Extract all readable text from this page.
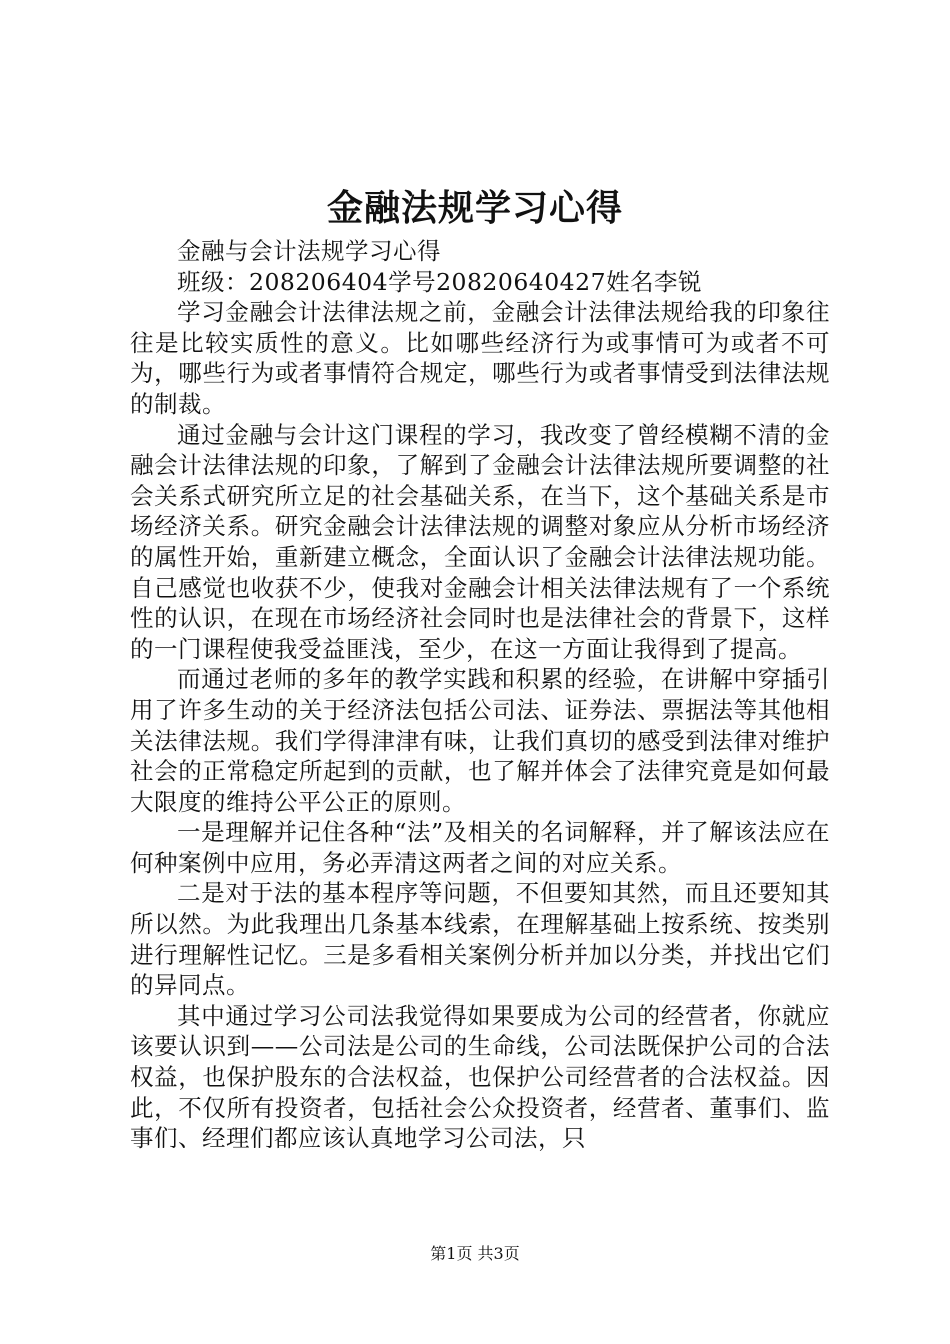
金融法规学习心得

金融与会计法规学习心得

班级：208206404学号20820640427姓名李锐

学习金融会计法律法规之前，金融会计法律法规给我的印象往往是比较实质性的意义。比如哪些经济行为或事情可为或者不可为，哪些行为或者事情符合规定，哪些行为或者事情受到法律法规的制裁。

通过金融与会计这门课程的学习，我改变了曾经模糊不清的金融会计法律法规的印象，了解到了金融会计法律法规所要调整的社会关系式研究所立足的社会基础关系，在当下，这个基础关系是市场经济关系。研究金融会计法律法规的调整对象应从分析市场经济的属性开始，重新建立概念，全面认识了金融会计法律法规功能。自己感觉也收获不少，使我对金融会计相关法律法规有了一个系统性的认识，在现在市场经济社会同时也是法律社会的背景下，这样的一门课程使我受益匪浅，至少，在这一方面让我得到了提高。

而通过老师的多年的教学实践和积累的经验，在讲解中穿插引用了许多生动的关于经济法包括公司法、证券法、票据法等其他相关法律法规。我们学得津津有味，让我们真切的感受到法律对维护社会的正常稳定所起到的贡献，也了解并体会了法律究竟是如何最大限度的维持公平公正的原则。

一是理解并记住各种“法”及相关的名词解释，并了解该法应在何种案例中应用，务必弄清这两者之间的对应关系。

二是对于法的基本程序等问题，不但要知其然，而且还要知其所以然。为此我理出几条基本线索，在理解基础上按系统、按类别进行理解性记忆。三是多看相关案例分析并加以分类，并找出它们的异同点。

其中通过学习公司法我觉得如果要成为公司的经营者，你就应该要认识到——公司法是公司的生命线，公司法既保护公司的合法权益，也保护股东的合法权益，也保护公司经营者的合法权益。因此，不仅所有投资者，包括社会公众投资者，经营者、董事们、监事们、经理们都应该认真地学习公司法，只

第1页 共3页
